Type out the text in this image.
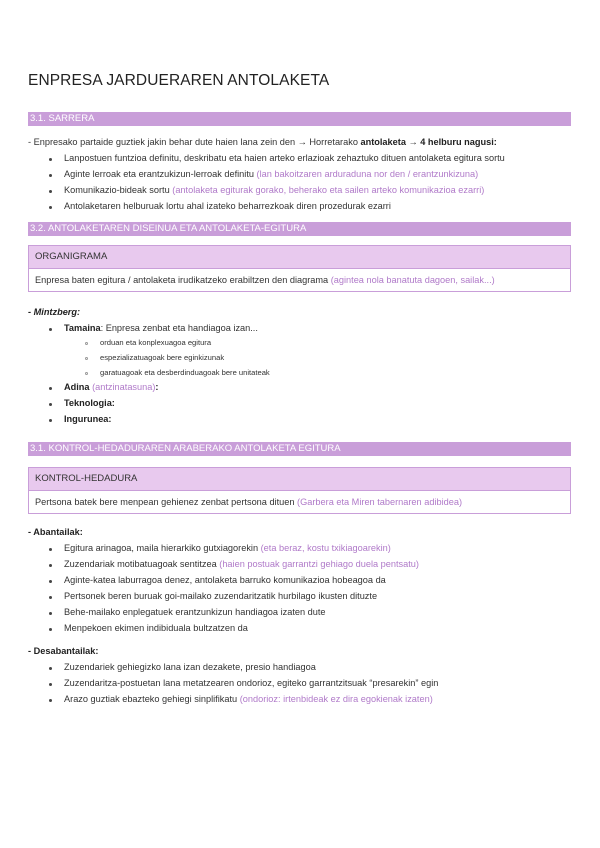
ENPRESA JARDUERAREN ANTOLAKETA
3.1. SARRERA
- Enpresako partaide guztiek jakin behar dute haien lana zein den → Horretarako antolaketa → 4 helburu nagusi:
Lanpostuen funtzioa definitu, deskribatu eta haien arteko erlazioak zehaztuko dituen antolaketa egitura sortu
Aginte lerroak eta erantzukizun-lerroak definitu (lan bakoitzaren arduraduna nor den / erantzunkizuna)
Komunikazio-bideak sortu (antolaketa egiturak gorako, beherako eta sailen arteko komunikazioa ezarri)
Antolaketaren helburuak lortu ahal izateko beharrezkoak diren prozedurak ezarri
3.2. ANTOLAKETAREN DISEINUA ETA ANTOLAKETA-EGITURA
ORGANIGRAMA
Enpresa baten egitura / antolaketa irudikatzeko erabiltzen den diagrama (agintea nola banatuta dagoen, sailak...)
- Mintzberg:
Tamaina: Enpresa zenbat eta handiagoa izan...
orduan eta konplexuagoa egitura
espezializatuagoak bere eginkizunak
garatuagoak eta desberdinduagoak bere unitateak
Adina (antzinatasuna):
Teknologia:
Ingurunea:
3.1. KONTROL-HEDADURAREN ARABERAKO ANTOLAKETA EGITURA
KONTROL-HEDADURA
Pertsona batek bere menpean gehienez zenbat pertsona dituen (Garbera eta Miren tabernaren adibidea)
- Abantailak:
Egitura arinagoa, maila hierarkiko gutxiagorekin (eta beraz, kostu txikiagoarekin)
Zuzendariak motibatuagoak sentitzea (haien postuak garrantzi gehiago duela pentsatu)
Aginte-katea laburragoa denez, antolaketa barruko komunikazioa hobeagoa da
Pertsonek beren buruak goi-mailako zuzendaritzatik hurbilago ikusten dituzte
Behe-mailako enplegatuek erantzunkizun handiagoa izaten dute
Menpekoen ekimen indibiduala bultzatzen da
- Desabantailak:
Zuzendariek gehiegizko lana izan dezakete, presio handiagoa
Zuzendaritza-postuetan lana metatzearen ondorioz, egiteko garrantzitsuak “presarekin” egin
Arazo guztiak ebazteko gehiegi sinplifikatu (ondorioz: irtenbideak ez dira egokienak izaten)
